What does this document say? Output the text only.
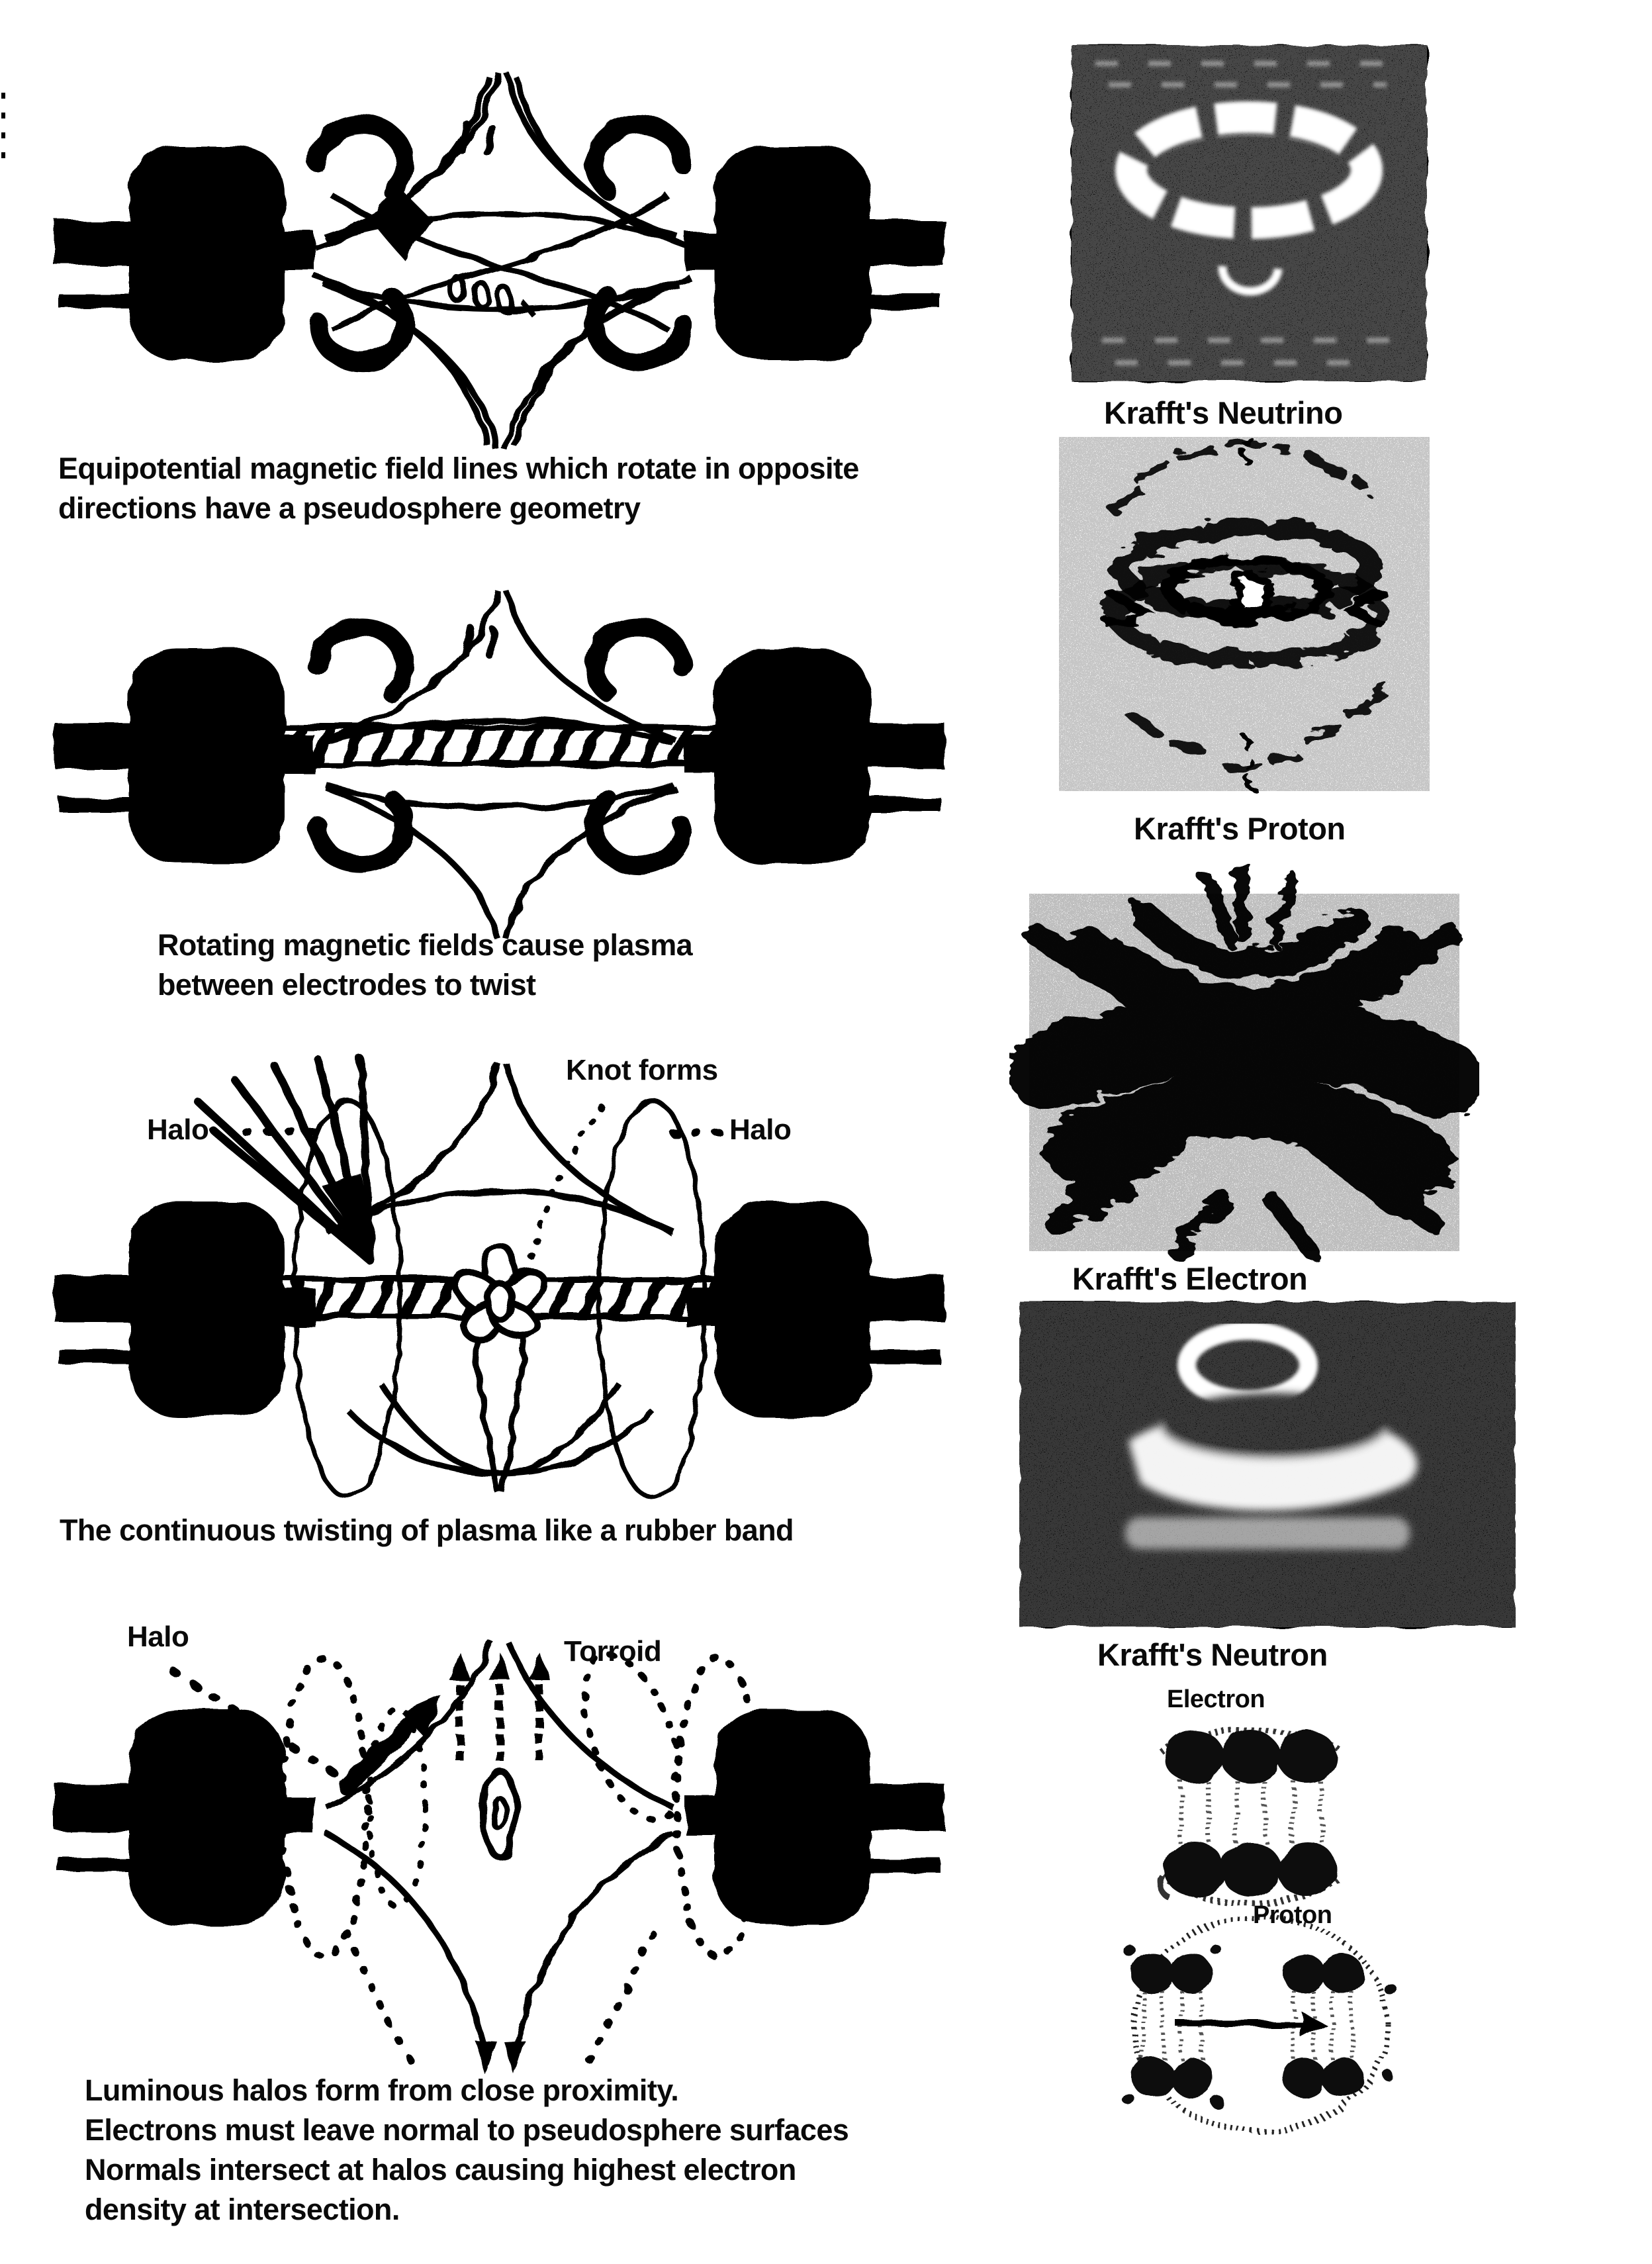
Equipotential magnetic field lines which rotate in opposite
directions have a pseudosphere geometry
Rotating magnetic fields cause plasma
between electrodes to twist
Knot forms
Halo	Halo
The continuous twisting of plasma like a rubber band
Halo	Torroid
Luminous halos form from close proximity.
Electrons must leave normal to pseudosphere surfaces
Normals intersect at halos causing highest electron
density at intersection.
Krafft's Neutrino
Krafft's Proton
Krafft's Electron
Krafft's Neutron
Electron
Proton
